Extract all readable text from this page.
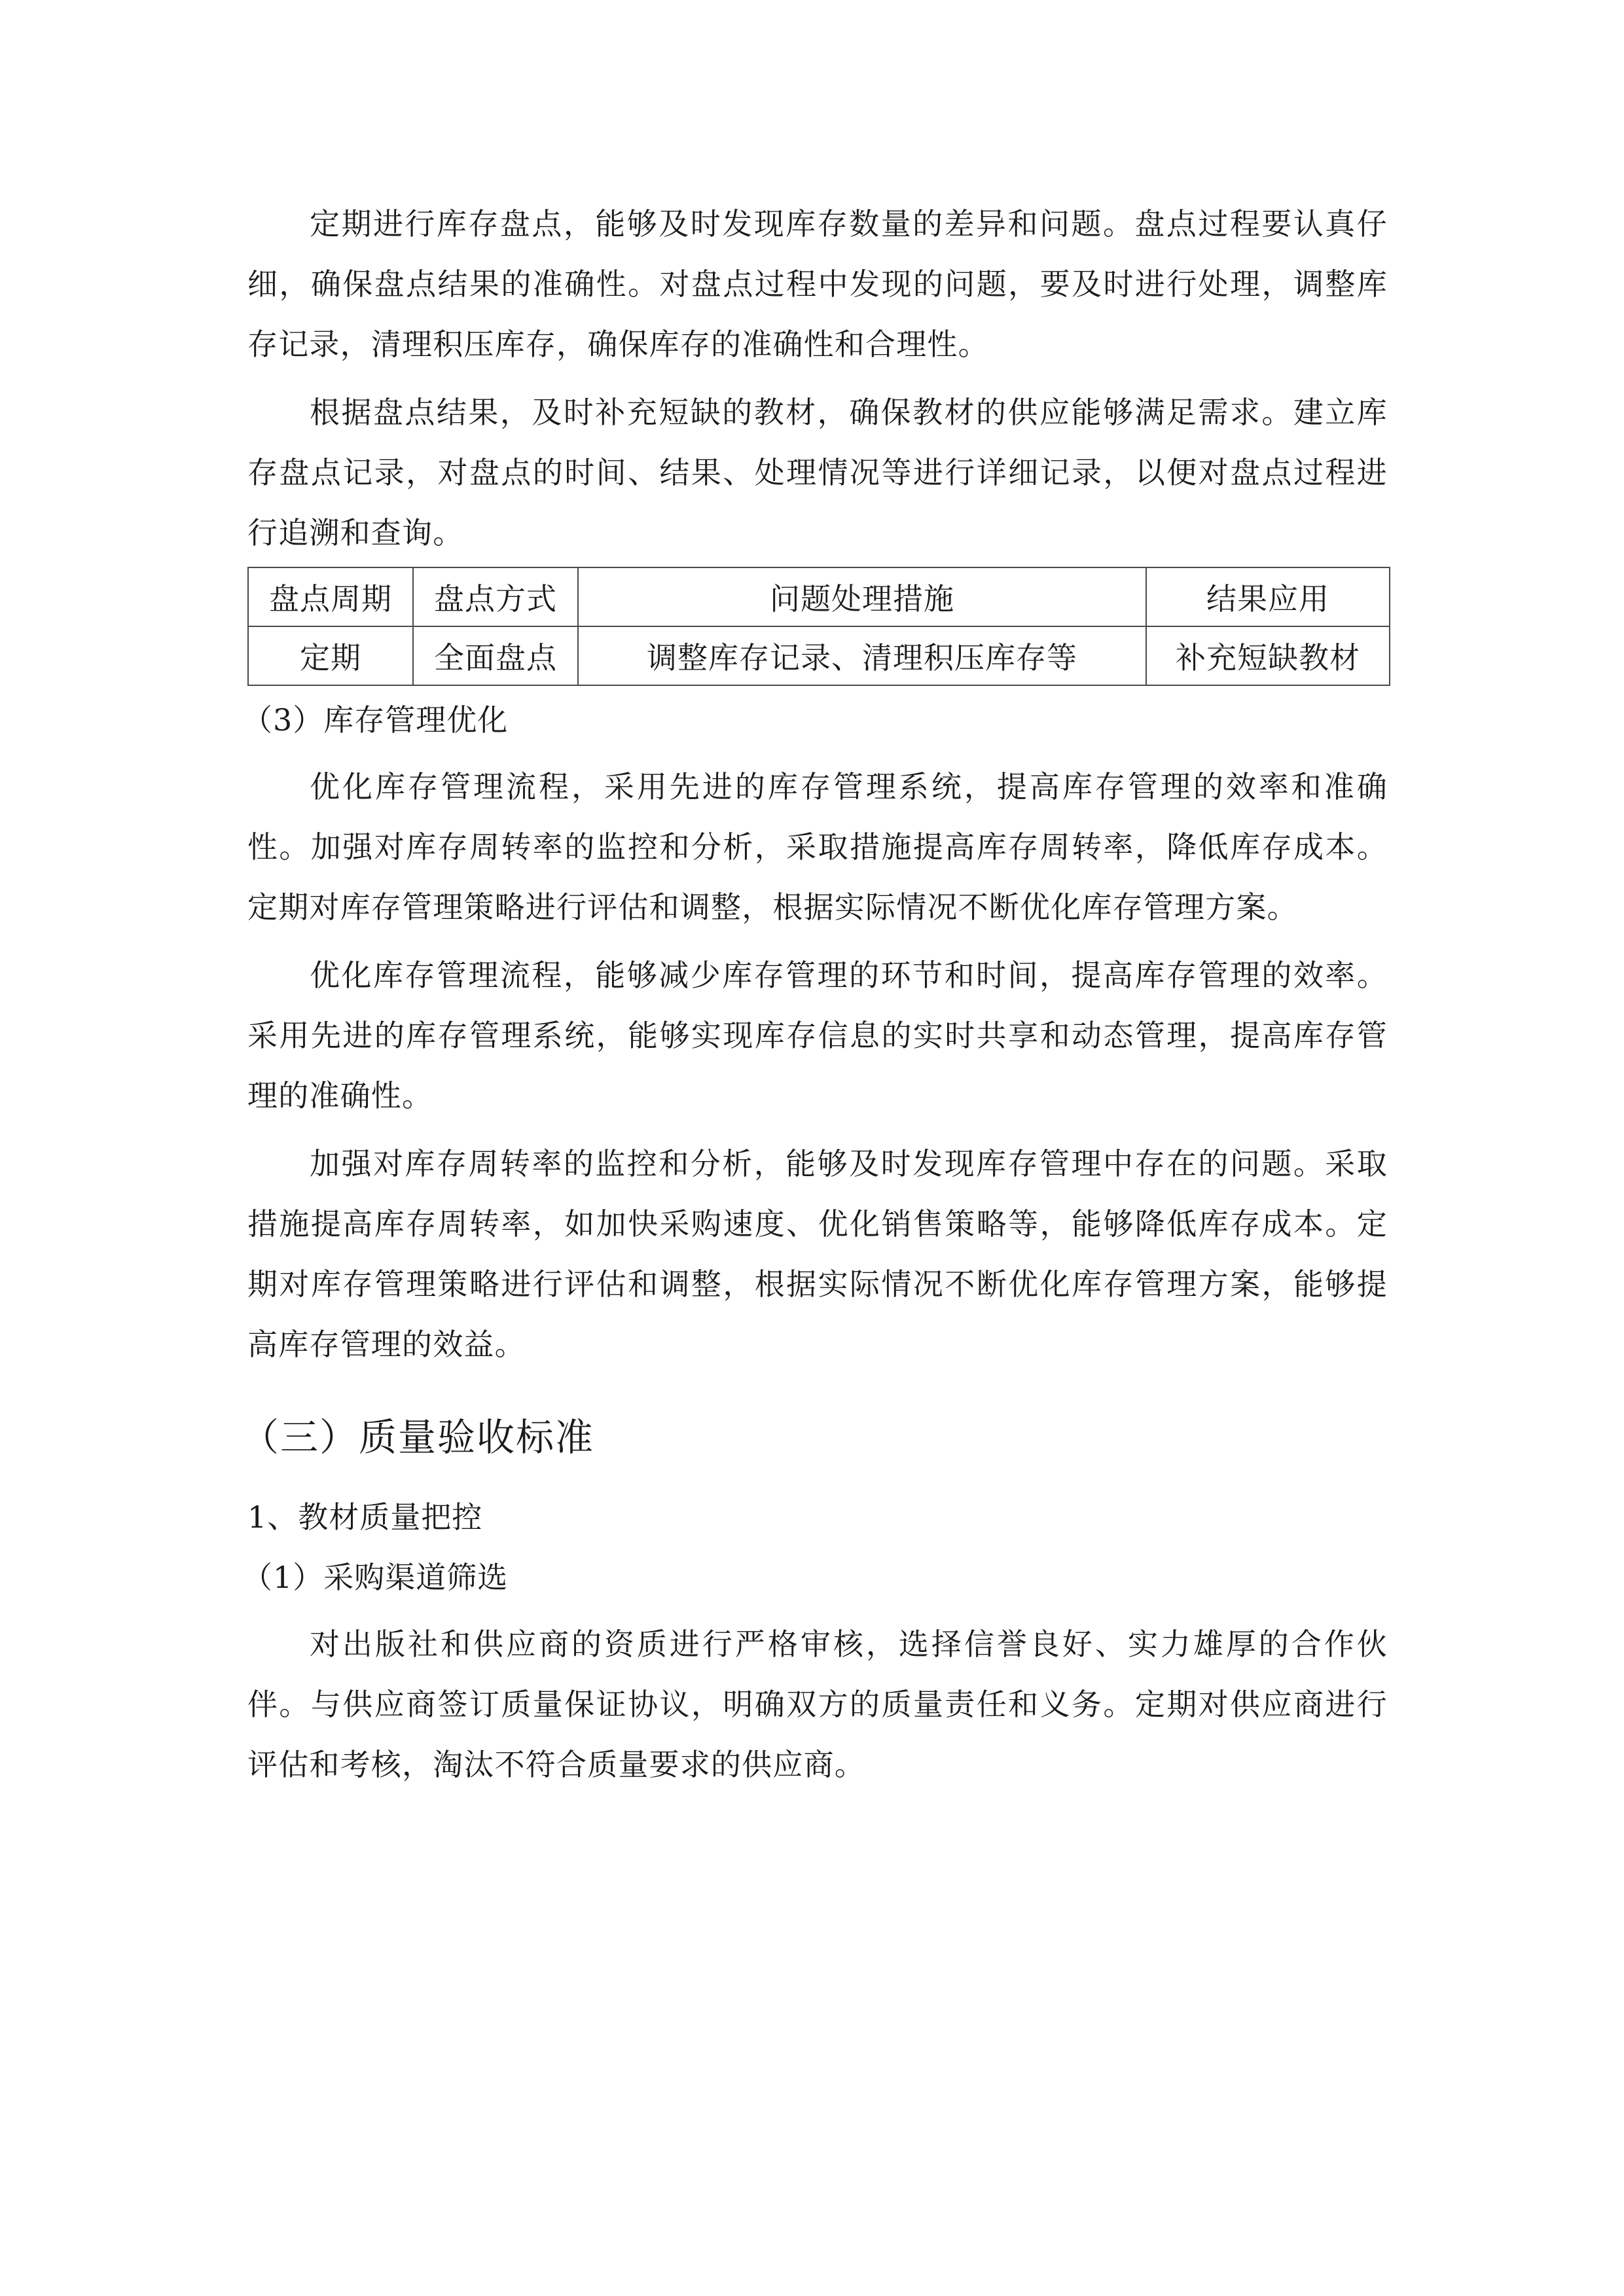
定期进行库存盘点，能够及时发现库存数量的差异和问题。盘点过程要认真仔细，确保盘点结果的准确性。对盘点过程中发现的问题，要及时进行处理，调整库存记录，清理积压库存，确保库存的准确性和合理性。

根据盘点结果，及时补充短缺的教材，确保教材的供应能够满足需求。建立库存盘点记录，对盘点的时间、结果、处理情况等进行详细记录，以便对盘点过程进行追溯和查询。

盘点周期	盘点方式	问题处理措施	结果应用
定期	全面盘点	调整库存记录、清理积压库存等	补充短缺教材
（3）库存管理优化

优化库存管理流程，采用先进的库存管理系统，提高库存管理的效率和准确性。加强对库存周转率的监控和分析，采取措施提高库存周转率，降低库存成本。定期对库存管理策略进行评估和调整，根据实际情况不断优化库存管理方案。

优化库存管理流程，能够减少库存管理的环节和时间，提高库存管理的效率。采用先进的库存管理系统，能够实现库存信息的实时共享和动态管理，提高库存管理的准确性。

加强对库存周转率的监控和分析，能够及时发现库存管理中存在的问题。采取措施提高库存周转率，如加快采购速度、优化销售策略等，能够降低库存成本。定期对库存管理策略进行评估和调整，根据实际情况不断优化库存管理方案，能够提高库存管理的效益。

（三）质量验收标准
1、教材质量把控
（1）采购渠道筛选

对出版社和供应商的资质进行严格审核，选择信誉良好、实力雄厚的合作伙伴。与供应商签订质量保证协议，明确双方的质量责任和义务。定期对供应商进行评估和考核，淘汰不符合质量要求的供应商。
